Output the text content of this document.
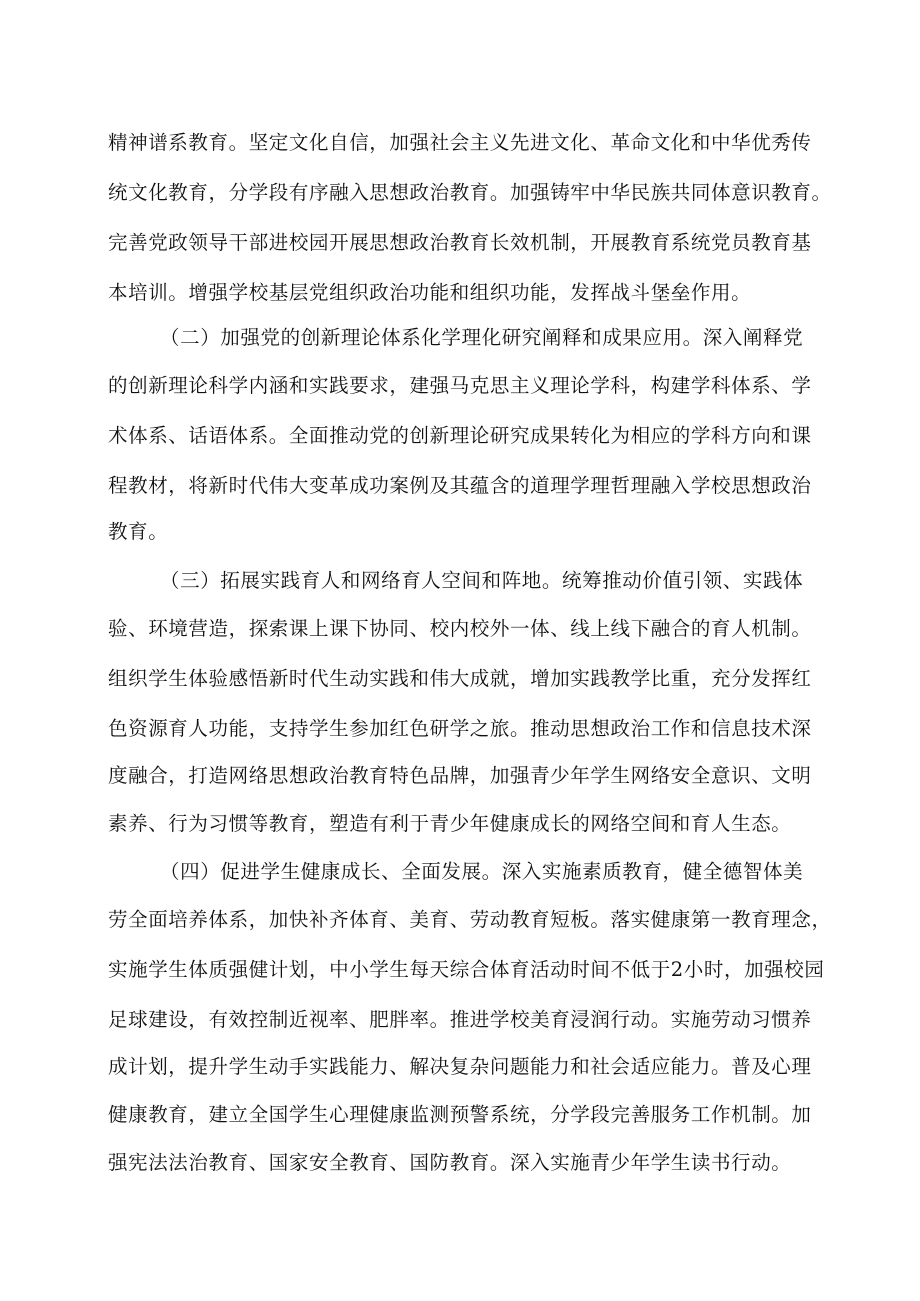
精神谱系教育。坚定文化自信，加强社会主义先进文化、革命文化和中华优秀传
统文化教育，分学段有序融入思想政治教育。加强铸牢中华民族共同体意识教育。
完善党政领导干部进校园开展思想政治教育长效机制，开展教育系统党员教育基
本培训。增强学校基层党组织政治功能和组织功能，发挥战斗堡垒作用。
（二）加强党的创新理论体系化学理化研究阐释和成果应用。深入阐释党
的创新理论科学内涵和实践要求，建强马克思主义理论学科，构建学科体系、学
术体系、话语体系。全面推动党的创新理论研究成果转化为相应的学科方向和课
程教材，将新时代伟大变革成功案例及其蕴含的道理学理哲理融入学校思想政治
教育。
（三）拓展实践育人和网络育人空间和阵地。统筹推动价值引领、实践体
验、环境营造，探索课上课下协同、校内校外一体、线上线下融合的育人机制。
组织学生体验感悟新时代生动实践和伟大成就，增加实践教学比重，充分发挥红
色资源育人功能，支持学生参加红色研学之旅。推动思想政治工作和信息技术深
度融合，打造网络思想政治教育特色品牌，加强青少年学生网络安全意识、文明
素养、行为习惯等教育，塑造有利于青少年健康成长的网络空间和育人生态。
（四）促进学生健康成长、全面发展。深入实施素质教育，健全德智体美
劳全面培养体系，加快补齐体育、美育、劳动教育短板。落实健康第一教育理念，
实施学生体质强健计划，中小学生每天综合体育活动时间不低于2小时，加强校园
足球建设，有效控制近视率、肥胖率。推进学校美育浸润行动。实施劳动习惯养
成计划，提升学生动手实践能力、解决复杂问题能力和社会适应能力。普及心理
健康教育，建立全国学生心理健康监测预警系统，分学段完善服务工作机制。加
强宪法法治教育、国家安全教育、国防教育。深入实施青少年学生读书行动。
